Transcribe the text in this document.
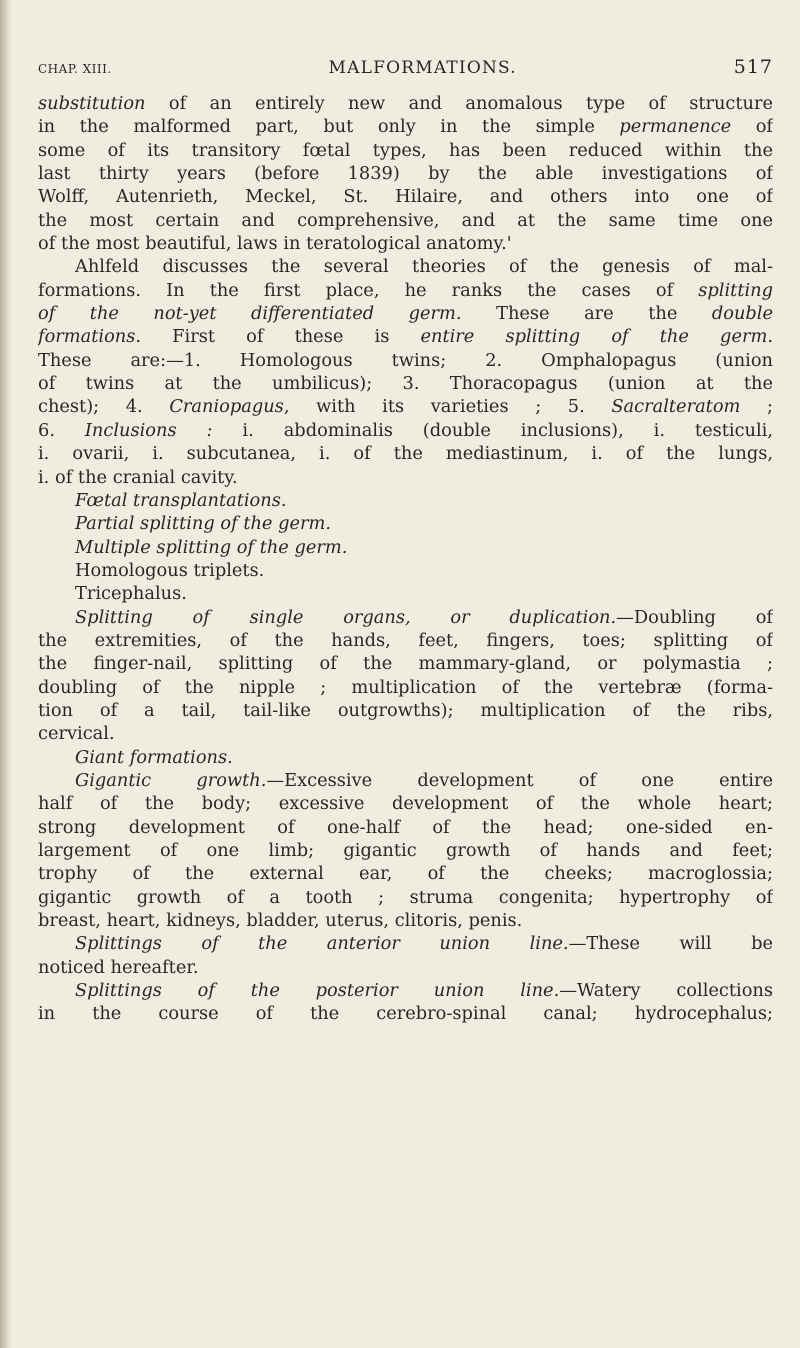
CHAP. XIII.	MALFORMATIONS.	517
substitution of an entirely new and anomalous type of structure
in the malformed part, but only in the simple permanence of
some of its transitory fœtal types, has been reduced within the
last thirty years (before 1839) by the able investigations of
Wolff, Autenrieth, Meckel, St. Hilaire, and others into one of
the most certain and comprehensive, and at the same time one
of the most beautiful, laws in teratological anatomy.'
Ahlfeld discusses the several theories of the genesis of mal-
formations. In the first place, he ranks the cases of splitting
of the not-yet differentiated germ. These are the double
formations. First of these is entire splitting of the germ.
These are:—1. Homologous twins; 2. Omphalopagus (union
of twins at the umbilicus); 3. Thoracopagus (union at the
chest); 4. Craniopagus, with its varieties ; 5. Sacralteratom ;
6. Inclusions : i. abdominalis (double inclusions), i. testiculi,
i. ovarii, i. subcutanea, i. of the mediastinum, i. of the lungs,
i. of the cranial cavity.
Fœtal transplantations.
Partial splitting of the germ.
Multiple splitting of the germ.
Homologous triplets.
Tricephalus.
Splitting of single organs, or duplication.—Doubling of
the extremities, of the hands, feet, fingers, toes; splitting of
the finger-nail, splitting of the mammary-gland, or polymastia ;
doubling of the nipple ; multiplication of the vertebræ (forma-
tion of a tail, tail-like outgrowths); multiplication of the ribs,
cervical.
Giant formations.
Gigantic growth.—Excessive development of one entire
half of the body; excessive development of the whole heart;
strong development of one-half of the head; one-sided en-
largement of one limb; gigantic growth of hands and feet;
trophy of the external ear, of the cheeks; macroglossia;
gigantic growth of a tooth ; struma congenita; hypertrophy of
breast, heart, kidneys, bladder, uterus, clitoris, penis.
Splittings of the anterior union line.—These will be
noticed hereafter.
Splittings of the posterior union line.—Watery collections
in the course of the cerebro-spinal canal; hydrocephalus;
